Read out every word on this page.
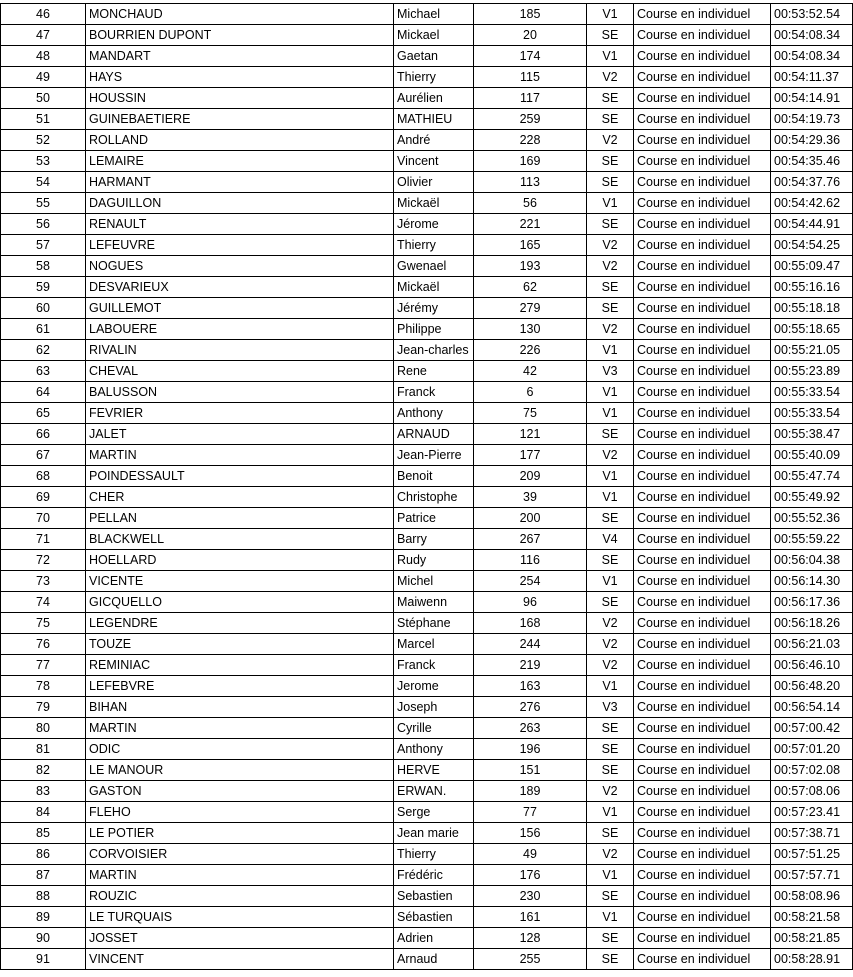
46	MONCHAUD	Michael	185	V1	Course en individuel	00:53:52.54
47	BOURRIEN DUPONT	Mickael	20	SE	Course en individuel	00:54:08.34
48	MANDART	Gaetan	174	V1	Course en individuel	00:54:08.34
49	HAYS	Thierry	115	V2	Course en individuel	00:54:11.37
50	HOUSSIN	Aurélien	117	SE	Course en individuel	00:54:14.91
51	GUINEBAETIERE	MATHIEU	259	SE	Course en individuel	00:54:19.73
52	ROLLAND	André	228	V2	Course en individuel	00:54:29.36
53	LEMAIRE	Vincent	169	SE	Course en individuel	00:54:35.46
54	HARMANT	Olivier	113	SE	Course en individuel	00:54:37.76
55	DAGUILLON	Mickaël	56	V1	Course en individuel	00:54:42.62
56	RENAULT	Jérome	221	SE	Course en individuel	00:54:44.91
57	LEFEUVRE	Thierry	165	V2	Course en individuel	00:54:54.25
58	NOGUES	Gwenael	193	V2	Course en individuel	00:55:09.47
59	DESVARIEUX	Mickaël	62	SE	Course en individuel	00:55:16.16
60	GUILLEMOT	Jérémy	279	SE	Course en individuel	00:55:18.18
61	LABOUERE	Philippe	130	V2	Course en individuel	00:55:18.65
62	RIVALIN	Jean-charles	226	V1	Course en individuel	00:55:21.05
63	CHEVAL	Rene	42	V3	Course en individuel	00:55:23.89
64	BALUSSON	Franck	6	V1	Course en individuel	00:55:33.54
65	FEVRIER	Anthony	75	V1	Course en individuel	00:55:33.54
66	JALET	ARNAUD	121	SE	Course en individuel	00:55:38.47
67	MARTIN	Jean-Pierre	177	V2	Course en individuel	00:55:40.09
68	POINDESSAULT	Benoit	209	V1	Course en individuel	00:55:47.74
69	CHER	Christophe	39	V1	Course en individuel	00:55:49.92
70	PELLAN	Patrice	200	SE	Course en individuel	00:55:52.36
71	BLACKWELL	Barry	267	V4	Course en individuel	00:55:59.22
72	HOELLARD	Rudy	116	SE	Course en individuel	00:56:04.38
73	VICENTE	Michel	254	V1	Course en individuel	00:56:14.30
74	GICQUELLO	Maiwenn	96	SE	Course en individuel	00:56:17.36
75	LEGENDRE	Stéphane	168	V2	Course en individuel	00:56:18.26
76	TOUZE	Marcel	244	V2	Course en individuel	00:56:21.03
77	REMINIAC	Franck	219	V2	Course en individuel	00:56:46.10
78	LEFEBVRE	Jerome	163	V1	Course en individuel	00:56:48.20
79	BIHAN	Joseph	276	V3	Course en individuel	00:56:54.14
80	MARTIN	Cyrille	263	SE	Course en individuel	00:57:00.42
81	ODIC	Anthony	196	SE	Course en individuel	00:57:01.20
82	LE MANOUR	HERVE	151	SE	Course en individuel	00:57:02.08
83	GASTON	ERWAN.	189	V2	Course en individuel	00:57:08.06
84	FLEHO	Serge	77	V1	Course en individuel	00:57:23.41
85	LE POTIER	Jean marie	156	SE	Course en individuel	00:57:38.71
86	CORVOISIER	Thierry	49	V2	Course en individuel	00:57:51.25
87	MARTIN	Frédéric	176	V1	Course en individuel	00:57:57.71
88	ROUZIC	Sebastien	230	SE	Course en individuel	00:58:08.96
89	LE TURQUAIS	Sébastien	161	V1	Course en individuel	00:58:21.58
90	JOSSET	Adrien	128	SE	Course en individuel	00:58:21.85
91	VINCENT	Arnaud	255	SE	Course en individuel	00:58:28.91
